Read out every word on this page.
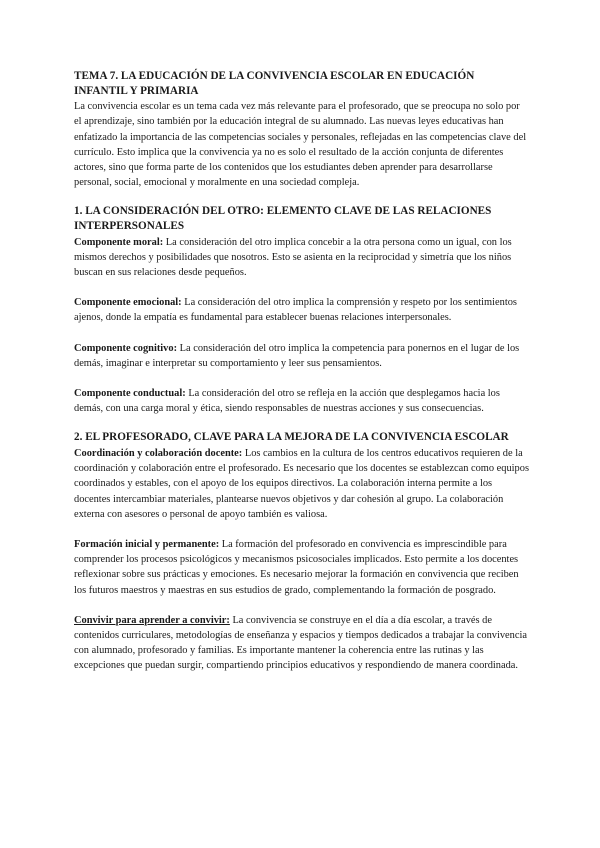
TEMA 7. LA EDUCACIÓN DE LA CONVIVENCIA ESCOLAR EN EDUCACIÓN INFANTIL Y PRIMARIA

La convivencia escolar es un tema cada vez más relevante para el profesorado, que se preocupa no solo por el aprendizaje, sino también por la educación integral de su alumnado. Las nuevas leyes educativas han enfatizado la importancia de las competencias sociales y personales, reflejadas en las competencias clave del currículo. Esto implica que la convivencia ya no es solo el resultado de la acción conjunta de diferentes actores, sino que forma parte de los contenidos que los estudiantes deben aprender para desarrollarse personal, social, emocional y moralmente en una sociedad compleja.

1. LA CONSIDERACIÓN DEL OTRO: ELEMENTO CLAVE DE LAS RELACIONES INTERPERSONALES

Componente moral: La consideración del otro implica concebir a la otra persona como un igual, con los mismos derechos y posibilidades que nosotros. Esto se asienta en la reciprocidad y simetría que los niños buscan en sus relaciones desde pequeños.

Componente emocional: La consideración del otro implica la comprensión y respeto por los sentimientos ajenos, donde la empatía es fundamental para establecer buenas relaciones interpersonales.

Componente cognitivo: La consideración del otro implica la competencia para ponernos en el lugar de los demás, imaginar e interpretar su comportamiento y leer sus pensamientos.

Componente conductual: La consideración del otro se refleja en la acción que desplegamos hacia los demás, con una carga moral y ética, siendo responsables de nuestras acciones y sus consecuencias.

2. EL PROFESORADO, CLAVE PARA LA MEJORA DE LA CONVIVENCIA ESCOLAR

Coordinación y colaboración docente: Los cambios en la cultura de los centros educativos requieren de la coordinación y colaboración entre el profesorado. Es necesario que los docentes se establezcan como equipos coordinados y estables, con el apoyo de los equipos directivos. La colaboración interna permite a los docentes intercambiar materiales, plantearse nuevos objetivos y dar cohesión al grupo. La colaboración externa con asesores o personal de apoyo también es valiosa.

Formación inicial y permanente: La formación del profesorado en convivencia es imprescindible para comprender los procesos psicológicos y mecanismos psicosociales implicados. Esto permite a los docentes reflexionar sobre sus prácticas y emociones. Es necesario mejorar la formación en convivencia que reciben los futuros maestros y maestras en sus estudios de grado, complementando la formación de posgrado.

Convivir para aprender a convivir: La convivencia se construye en el día a día escolar, a través de contenidos curriculares, metodologías de enseñanza y espacios y tiempos dedicados a trabajar la convivencia con alumnado, profesorado y familias. Es importante mantener la coherencia entre las rutinas y las excepciones que puedan surgir, compartiendo principios educativos y respondiendo de manera coordinada.
